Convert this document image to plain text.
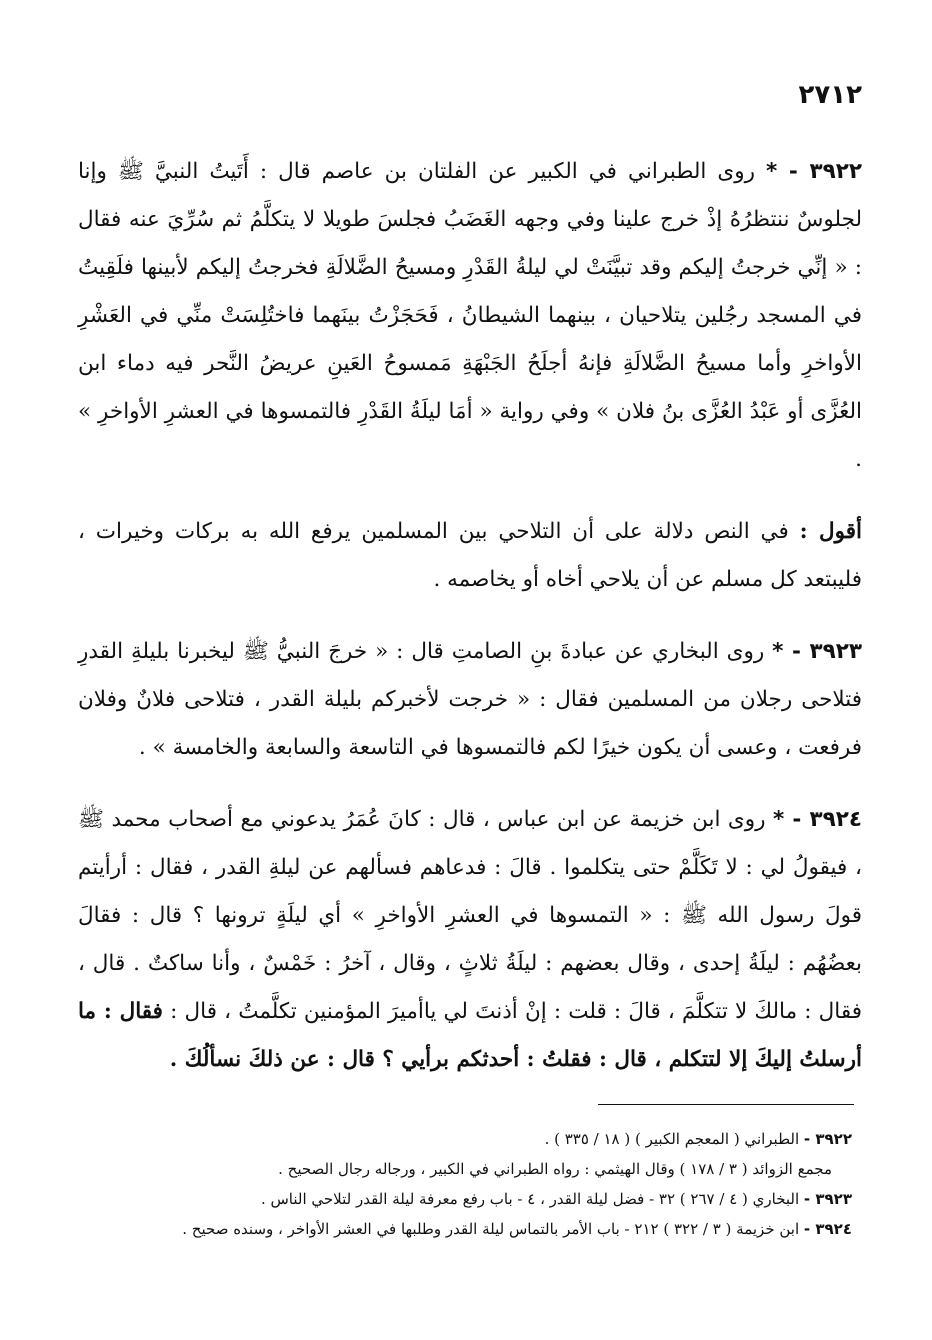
٢٧١٢

٣٩٢٢ - * روى الطبراني في الكبير عن الفلتان بن عاصم قال : أَتَيتُ النبيَّ ﷺ وإنا لجلوسٌ ننتظرُهُ إذْ خرج علينا وفي وجهه الغَضَبُ فجلسَ طويلا لا يتكلَّمُ ثم سُرِّيَ عنه فقال : « إنِّي خرجتُ إليكم وقد تبيَّنَتْ لي ليلةُ القَدْرِ ومسيحُ الضَّلالَةِ فخرجتُ إليكم لأبينها فلَقِيتُ في المسجد رجُلين يتلاحيان ، بينهما الشيطانُ ، فَحَجَزْتُ بينَهما فاختُلِسَتْ منِّي في العَشْرِ الأواخرِ وأما مسيحُ الضَّلالَةِ فإنهُ أجلَحُ الجَبْهَةِ مَمسوحُ العَينِ عريضُ النَّحر فيه دماء ابن العُزَّى أو عَبْدُ العُزَّى بنُ فلان » وفي رواية « أمَا ليلَةُ القَدْرِ فالتمسوها في العشرِ الأواخرِ » .

أقول : في النص دلالة على أن التلاحي بين المسلمين يرفع الله به بركات وخيرات ، فليبتعد كل مسلم عن أن يلاحي أخاه أو يخاصمه .

٣٩٢٣ - * روى البخاري عن عبادةَ بنِ الصامتِ قال : « خرجَ النبيُّ ﷺ ليخبرنا بليلةِ القدرِ فتلاحى رجلان من المسلمين فقال : « خرجت لأخبركم بليلة القدر ، فتلاحى فلانٌ وفلان فرفعت ، وعسى أن يكون خيرًا لكم فالتمسوها في التاسعة والسابعة والخامسة » .

٣٩٢٤ - * روى ابن خزيمة عن ابن عباس ، قال : كانَ عُمَرُ يدعوني مع أصحاب محمد ﷺ ، فيقولُ لي : لا تَكَلَّمْ حتى يتكلموا . قالَ : فدعاهم فسألهم عن ليلةِ القدر ، فقال : أرأيتم قولَ رسول الله ﷺ : « التمسوها في العشرِ الأواخرِ » أي ليلَةٍ ترونها ؟ قال : فقالَ بعضُهُم : ليلَةُ إحدى ، وقال بعضهم : ليلَةُ ثلاثٍ ، وقال ، آخرُ : خَمْسٌ ، وأنا ساكتٌ . قال ، فقال : مالكَ لا تتكلَّمَ ، قالَ : قلت : إنْ أذنتَ لي ياأميرَ المؤمنين تكلَّمتُ ، قال : فقال : ما أرسلتُ إليكَ إلا لتتكلم ، قال : فقلتُ : أحدثكم برأيي ؟ قال : عن ذلكَ نسألُكَ .

٣٩٢٢ - الطبراني ( المعجم الكبير ) ( ١٨ / ٣٣٥ ) .

مجمع الزوائد ( ٣ / ١٧٨ ) وقال الهيثمي : رواه الطبراني في الكبير ، ورجاله رجال الصحيح .

٣٩٢٣ - البخاري ( ٤ / ٢٦٧ ) ٣٢ - فضل ليلة القدر ، ٤ - باب رفع معرفة ليلة القدر لتلاحي الناس .

٣٩٢٤ - ابن خزيمة ( ٣ / ٣٢٢ ) ٢١٢ - باب الأمر بالتماس ليلة القدر وطلبها في العشر الأواخر ، وسنده صحيح .
